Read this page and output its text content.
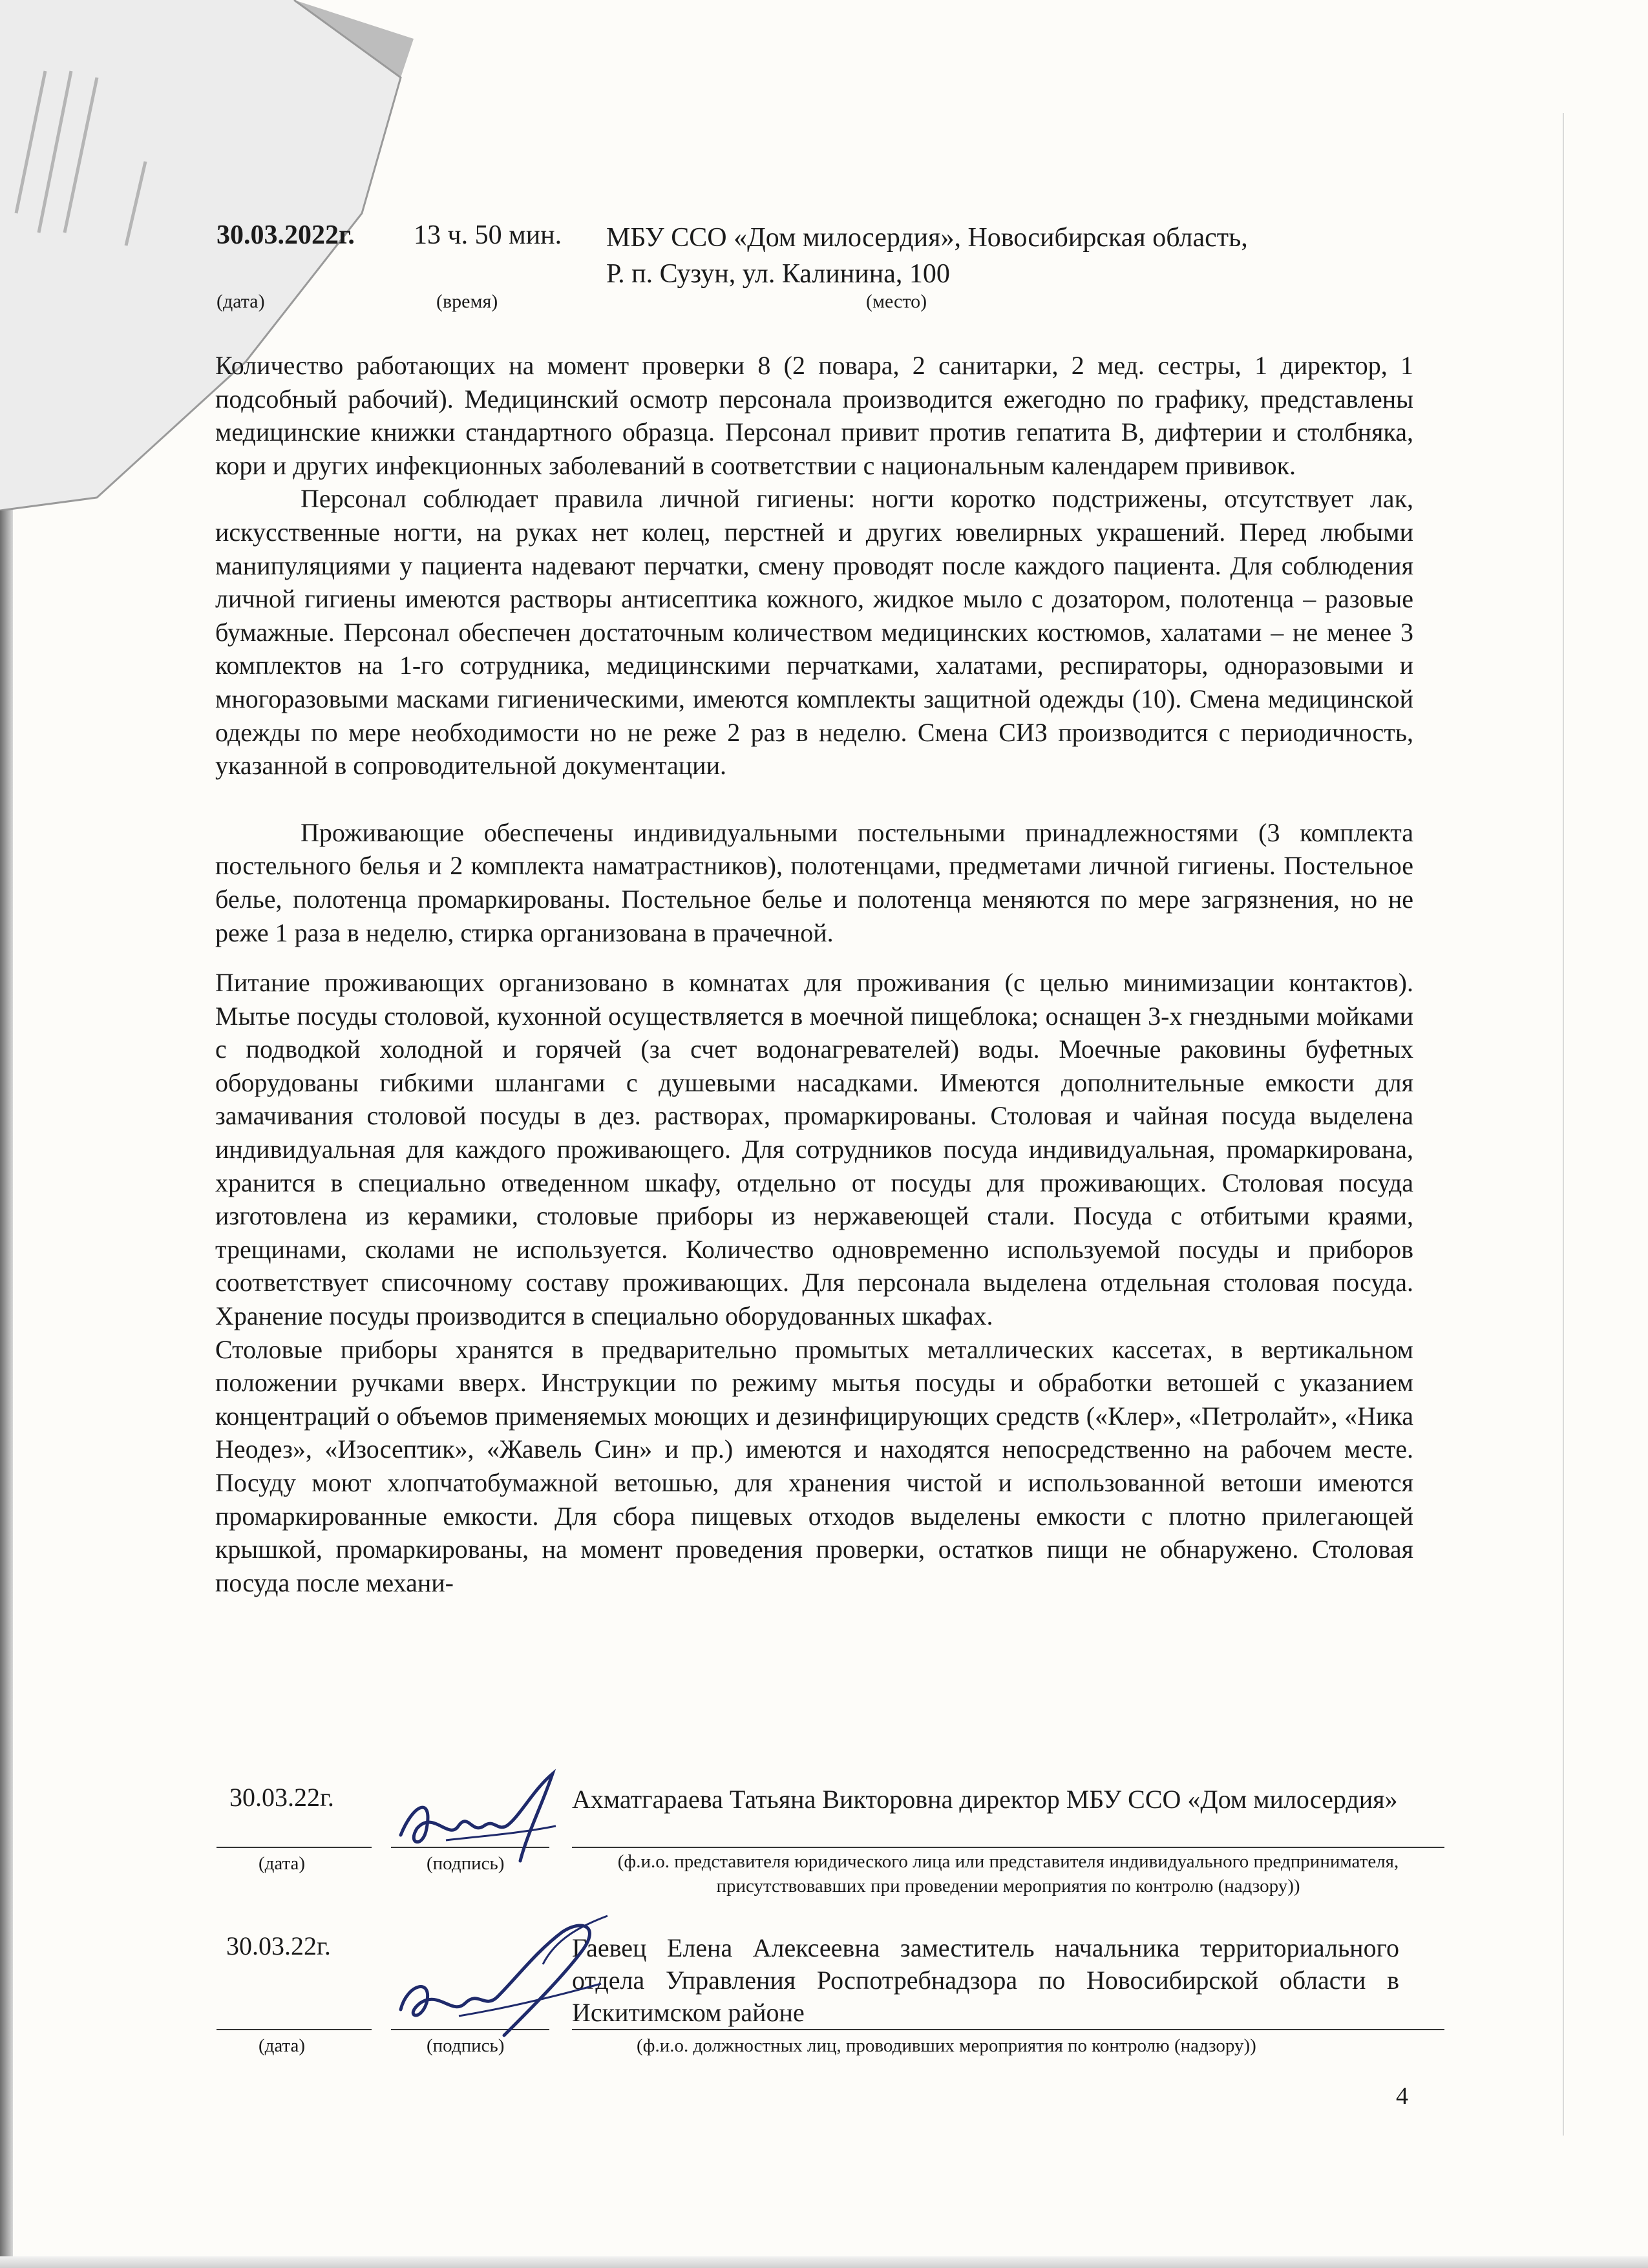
30.03.2022г. 13 ч. 50 мин. МБУ ССО «Дом милосердия», Новосибирская область,
Р. п. Сузун, ул. Калинина, 100
(дата)	(время)	(место)

Количество работающих на момент проверки 8 (2 повара, 2 санитарки, 2 мед. сестры, 1 директор, 1 подсобный рабочий). Медицинский осмотр персонала производится ежегодно по графику, представлены медицинские книжки стандартного образца. Персонал привит против гепатита В, дифтерии и столбняка, кори и других инфекционных заболеваний в соответствии с национальным календарем прививок.

Персонал соблюдает правила личной гигиены: ногти коротко подстрижены, отсутствует лак, искусственные ногти, на руках нет колец, перстней и других ювелирных украшений. Перед любыми манипуляциями у пациента надевают перчатки, смену проводят после каждого пациента. Для соблюдения личной гигиены имеются растворы антисептика кожного, жидкое мыло с дозатором, полотенца – разовые бумажные. Персонал обеспечен достаточным количеством медицинских костюмов, халатами – не менее 3 комплектов на 1-го сотрудника, медицинскими перчатками, халатами, респираторы, одноразовыми и многоразовыми масками гигиеническими, имеются комплекты защитной одежды (10). Смена медицинской одежды по мере необходимости но не реже 2 раз в неделю. Смена СИЗ производится с периодичность, указанной в сопроводительной документации.

Проживающие обеспечены индивидуальными постельными принадлежностями (3 комплекта постельного белья и 2 комплекта наматрастников), полотенцами, предметами личной гигиены. Постельное белье, полотенца промаркированы. Постельное белье и полотенца меняются по мере загрязнения, но не реже 1 раза в неделю, стирка организована в прачечной.

Питание проживающих организовано в комнатах для проживания (с целью минимизации контактов). Мытье посуды столовой, кухонной осуществляется в моечной пищеблока; оснащен 3-х гнездными мойками с подводкой холодной и горячей (за счет водонагревателей) воды. Моечные раковины буфетных оборудованы гибкими шлангами с душевыми насадками. Имеются дополнительные емкости для замачивания столовой посуды в дез. растворах, промаркированы. Столовая и чайная посуда выделена индивидуальная для каждого проживающего. Для сотрудников посуда индивидуальная, промаркирована, хранится в специально отведенном шкафу, отдельно от посуды для проживающих. Столовая посуда изготовлена из керамики, столовые приборы из нержавеющей стали. Посуда с отбитыми краями, трещинами, сколами не используется. Количество одновременно используемой посуды и приборов соответствует списочному составу проживающих. Для персонала выделена отдельная столовая посуда. Хранение посуды производится в специально оборудованных шкафах.

Столовые приборы хранятся в предварительно промытых металлических кассетах, в вертикальном положении ручками вверх. Инструкции по режиму мытья посуды и обработки ветошей с указанием концентраций о объемов применяемых моющих и дезинфицирующих средств («Клер», «Петролайт», «Ника Неодез», «Изосептик», «Жавель Син» и пр.) имеются и находятся непосредственно на рабочем месте. Посуду моют хлопчатобумажной ветошью, для хранения чистой и использованной ветоши имеются промаркированные емкости. Для сбора пищевых отходов выделены емкости с плотно прилегающей крышкой, промаркированы, на момент проведения проверки, остатков пищи не обнаружено. Столовая посуда после механи-

30.03.22г.	Ахматгараева Татьяна Викторовна директор МБУ ССО «Дом милосердия»
(дата)	(подпись)	(ф.и.о. представителя юридического лица или представителя индивидуального предпринимателя, присутствовавших при проведении мероприятия по контролю (надзору))
30.03.22г.	Гаевец Елена Алексеевна заместитель начальника территориального отдела Управления Роспотребнадзора по Новосибирской области в Искитимском районе
(дата)	(подпись)	(ф.и.о. должностных лиц, проводивших мероприятия по контролю (надзору))
4
